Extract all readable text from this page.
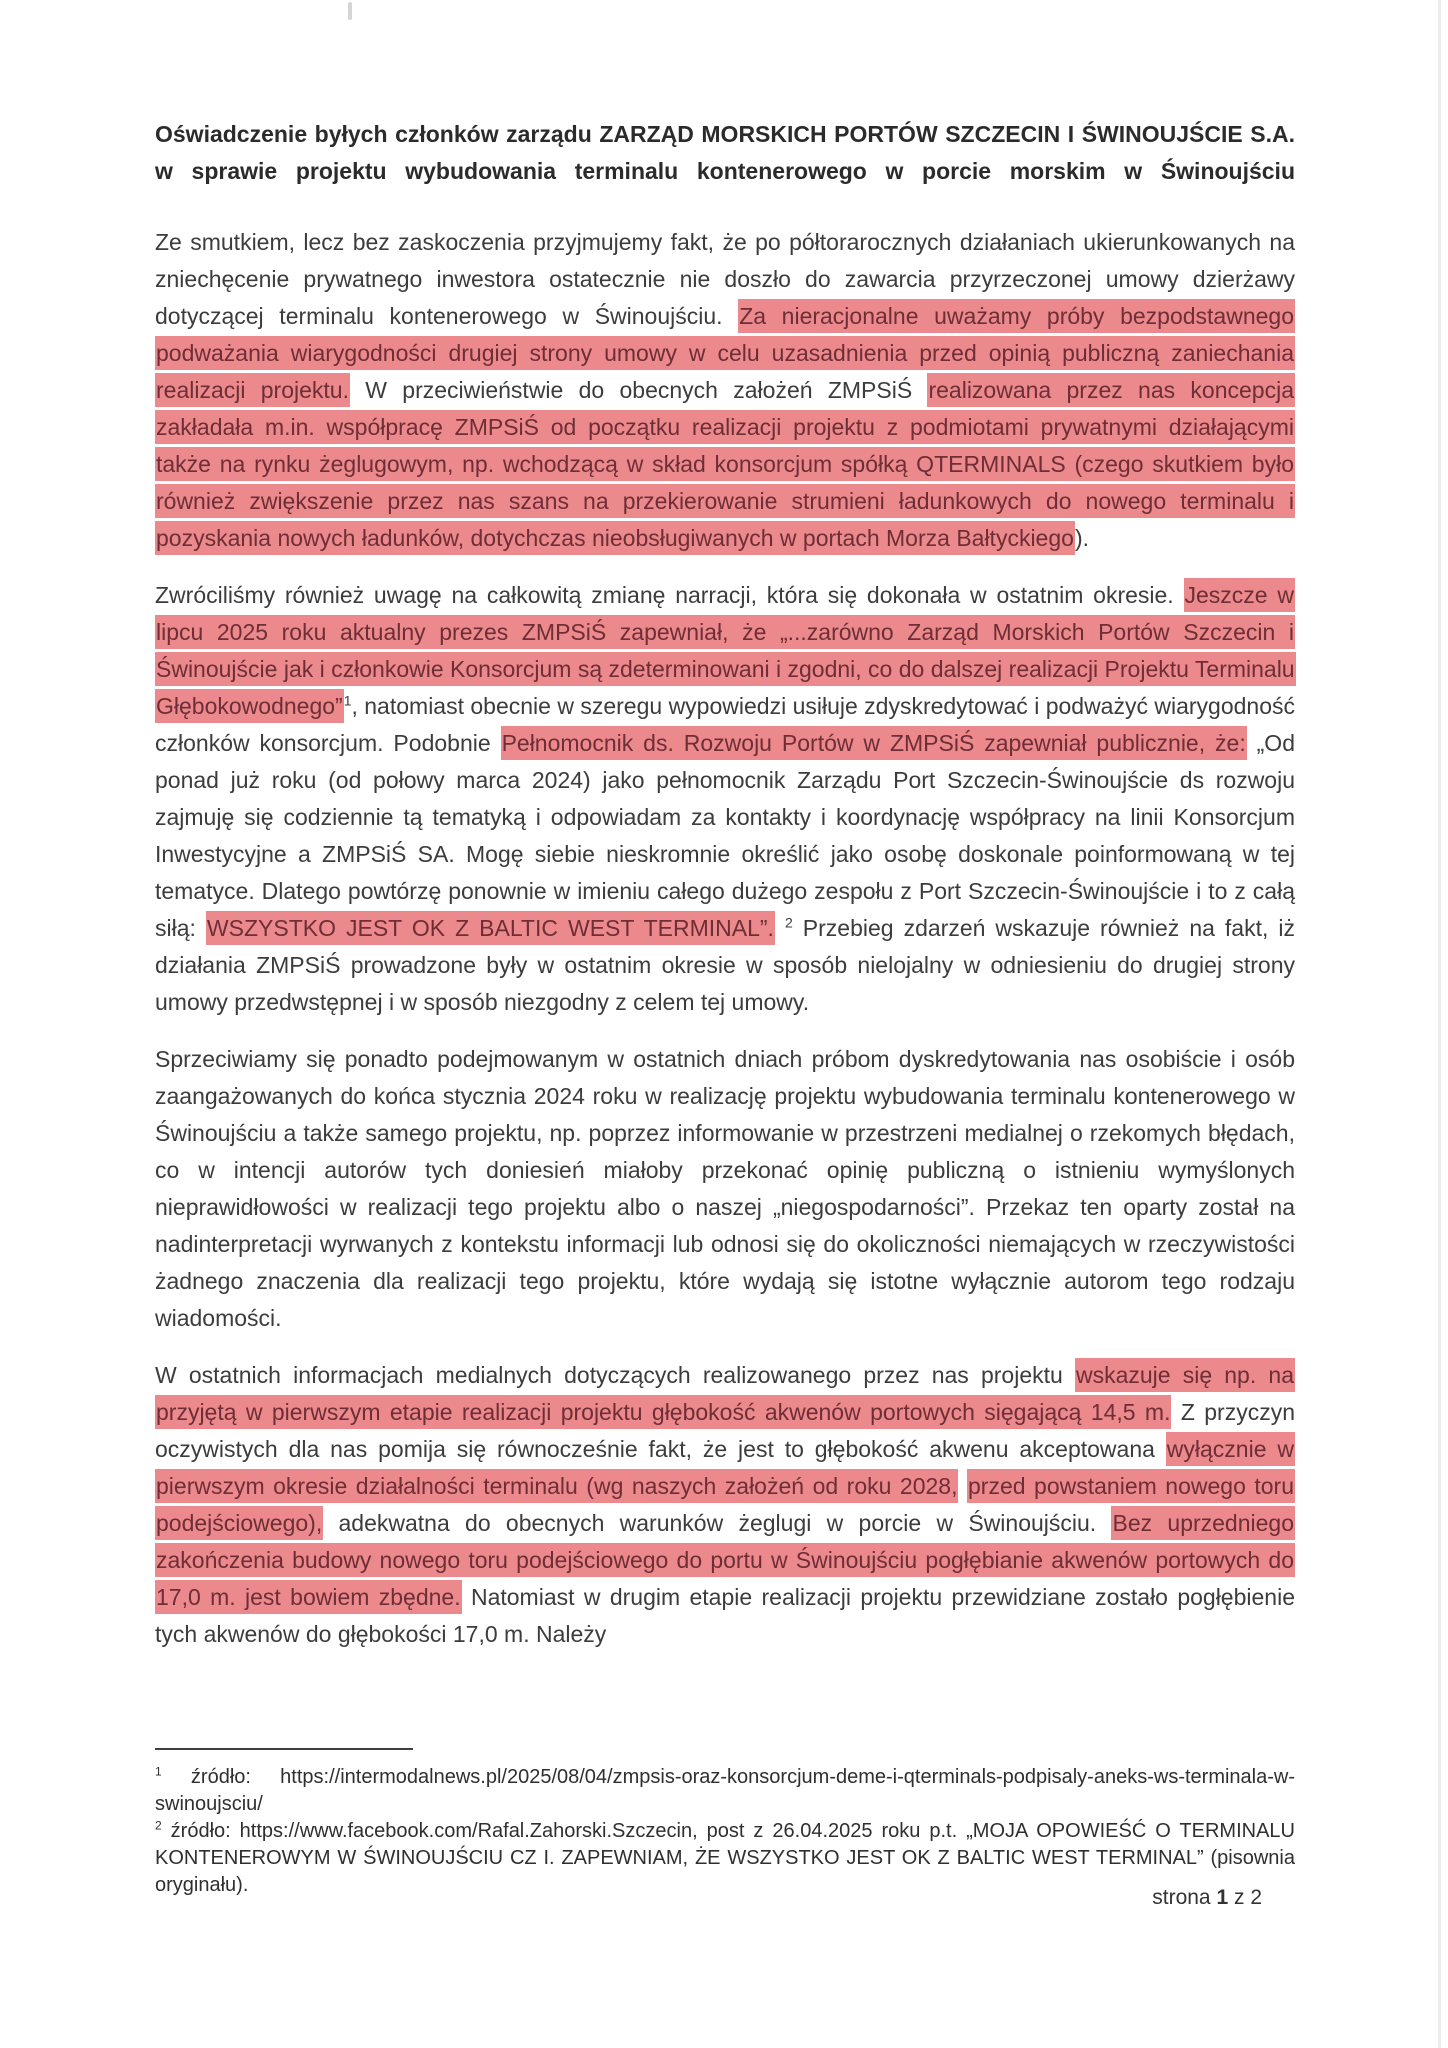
Oświadczenie byłych członków zarządu ZARZĄD MORSKICH PORTÓW SZCZECIN I ŚWINOUJŚCIE S.A. w sprawie projektu wybudowania terminalu kontenerowego w porcie morskim w Świnoujściu

Ze smutkiem, lecz bez zaskoczenia przyjmujemy fakt, że po półtorarocznych działaniach ukierunkowanych na zniechęcenie prywatnego inwestora ostatecznie nie doszło do zawarcia przyrzeczonej umowy dzierżawy dotyczącej terminalu kontenerowego w Świnoujściu. Za nieracjonalne uważamy próby bezpodstawnego podważania wiarygodności drugiej strony umowy w celu uzasadnienia przed opinią publiczną zaniechania realizacji projektu. W przeciwieństwie do obecnych założeń ZMPSiŚ realizowana przez nas koncepcja zakładała m.in. współpracę ZMPSiŚ od początku realizacji projektu z podmiotami prywatnymi działającymi także na rynku żeglugowym, np. wchodzącą w skład konsorcjum spółką QTERMINALS (czego skutkiem było również zwiększenie przez nas szans na przekierowanie strumieni ładunkowych do nowego terminalu i pozyskania nowych ładunków, dotychczas nieobsługiwanych w portach Morza Bałtyckiego).

Zwróciliśmy również uwagę na całkowitą zmianę narracji, która się dokonała w ostatnim okresie. Jeszcze w lipcu 2025 roku aktualny prezes ZMPSiŚ zapewniał, że „...zarówno Zarząd Morskich Portów Szczecin i Świnoujście jak i członkowie Konsorcjum są zdeterminowani i zgodni, co do dalszej realizacji Projektu Terminalu Głębokowodnego”$^1$, natomiast obecnie w szeregu wypowiedzi usiłuje zdyskredytować i podważyć wiarygodność członków konsorcjum. Podobnie Pełnomocnik ds. Rozwoju Portów w ZMPSiŚ zapewniał publicznie, że: „Od ponad już roku (od połowy marca 2024) jako pełnomocnik Zarządu Port Szczecin-Świnoujście ds rozwoju zajmuję się codziennie tą tematyką i odpowiadam za kontakty i koordynację współpracy na linii Konsorcjum Inwestycyjne a ZMPSiŚ SA. Mogę siebie nieskromnie określić jako osobę doskonale poinformowaną w tej tematyce. Dlatego powtórzę ponownie w imieniu całego dużego zespołu z Port Szczecin-Świnoujście i to z całą siłą: WSZYSTKO JEST OK Z BALTIC WEST TERMINAL”. $^2$ Przebieg zdarzeń wskazuje również na fakt, iż działania ZMPSiŚ prowadzone były w ostatnim okresie w sposób nielojalny w odniesieniu do drugiej strony umowy przedwstępnej i w sposób niezgodny z celem tej umowy.

Sprzeciwiamy się ponadto podejmowanym w ostatnich dniach próbom dyskredytowania nas osobiście i osób zaangażowanych do końca stycznia 2024 roku w realizację projektu wybudowania terminalu kontenerowego w Świnoujściu a także samego projektu, np. poprzez informowanie w przestrzeni medialnej o rzekomych błędach, co w intencji autorów tych doniesień miałoby przekonać opinię publiczną o istnieniu wymyślonych nieprawidłowości w realizacji tego projektu albo o naszej „niegospodarności”. Przekaz ten oparty został na nadinterpretacji wyrwanych z kontekstu informacji lub odnosi się do okoliczności niemających w rzeczywistości żadnego znaczenia dla realizacji tego projektu, które wydają się istotne wyłącznie autorom tego rodzaju wiadomości.

W ostatnich informacjach medialnych dotyczących realizowanego przez nas projektu wskazuje się np. na przyjętą w pierwszym etapie realizacji projektu głębokość akwenów portowych sięgającą 14,5 m. Z przyczyn oczywistych dla nas pomija się równocześnie fakt, że jest to głębokość akwenu akceptowana wyłącznie w pierwszym okresie działalności terminalu (wg naszych założeń od roku 2028, przed powstaniem nowego toru podejściowego), adekwatna do obecnych warunków żeglugi w porcie w Świnoujściu. Bez uprzedniego zakończenia budowy nowego toru podejściowego do portu w Świnoujściu pogłębianie akwenów portowych do 17,0 m. jest bowiem zbędne. Natomiast w drugim etapie realizacji projektu przewidziane zostało pogłębienie tych akwenów do głębokości 17,0 m. Należy

$^1$ źródło: https://intermodalnews.pl/2025/08/04/zmpsis-oraz-konsorcjum-deme-i-qterminals-podpisaly-aneks-ws-terminala-w-swinoujsciu/

$^2$ źródło: https://www.facebook.com/Rafal.Zahorski.Szczecin, post z 26.04.2025 roku p.t. „MOJA OPOWIEŚĆ O TERMINALU KONTENEROWYM W ŚWINOUJŚCIU CZ I. ZAPEWNIAM, ŻE WSZYSTKO JEST OK Z BALTIC WEST TERMINAL” (pisownia oryginału).

strona 1 z 2
